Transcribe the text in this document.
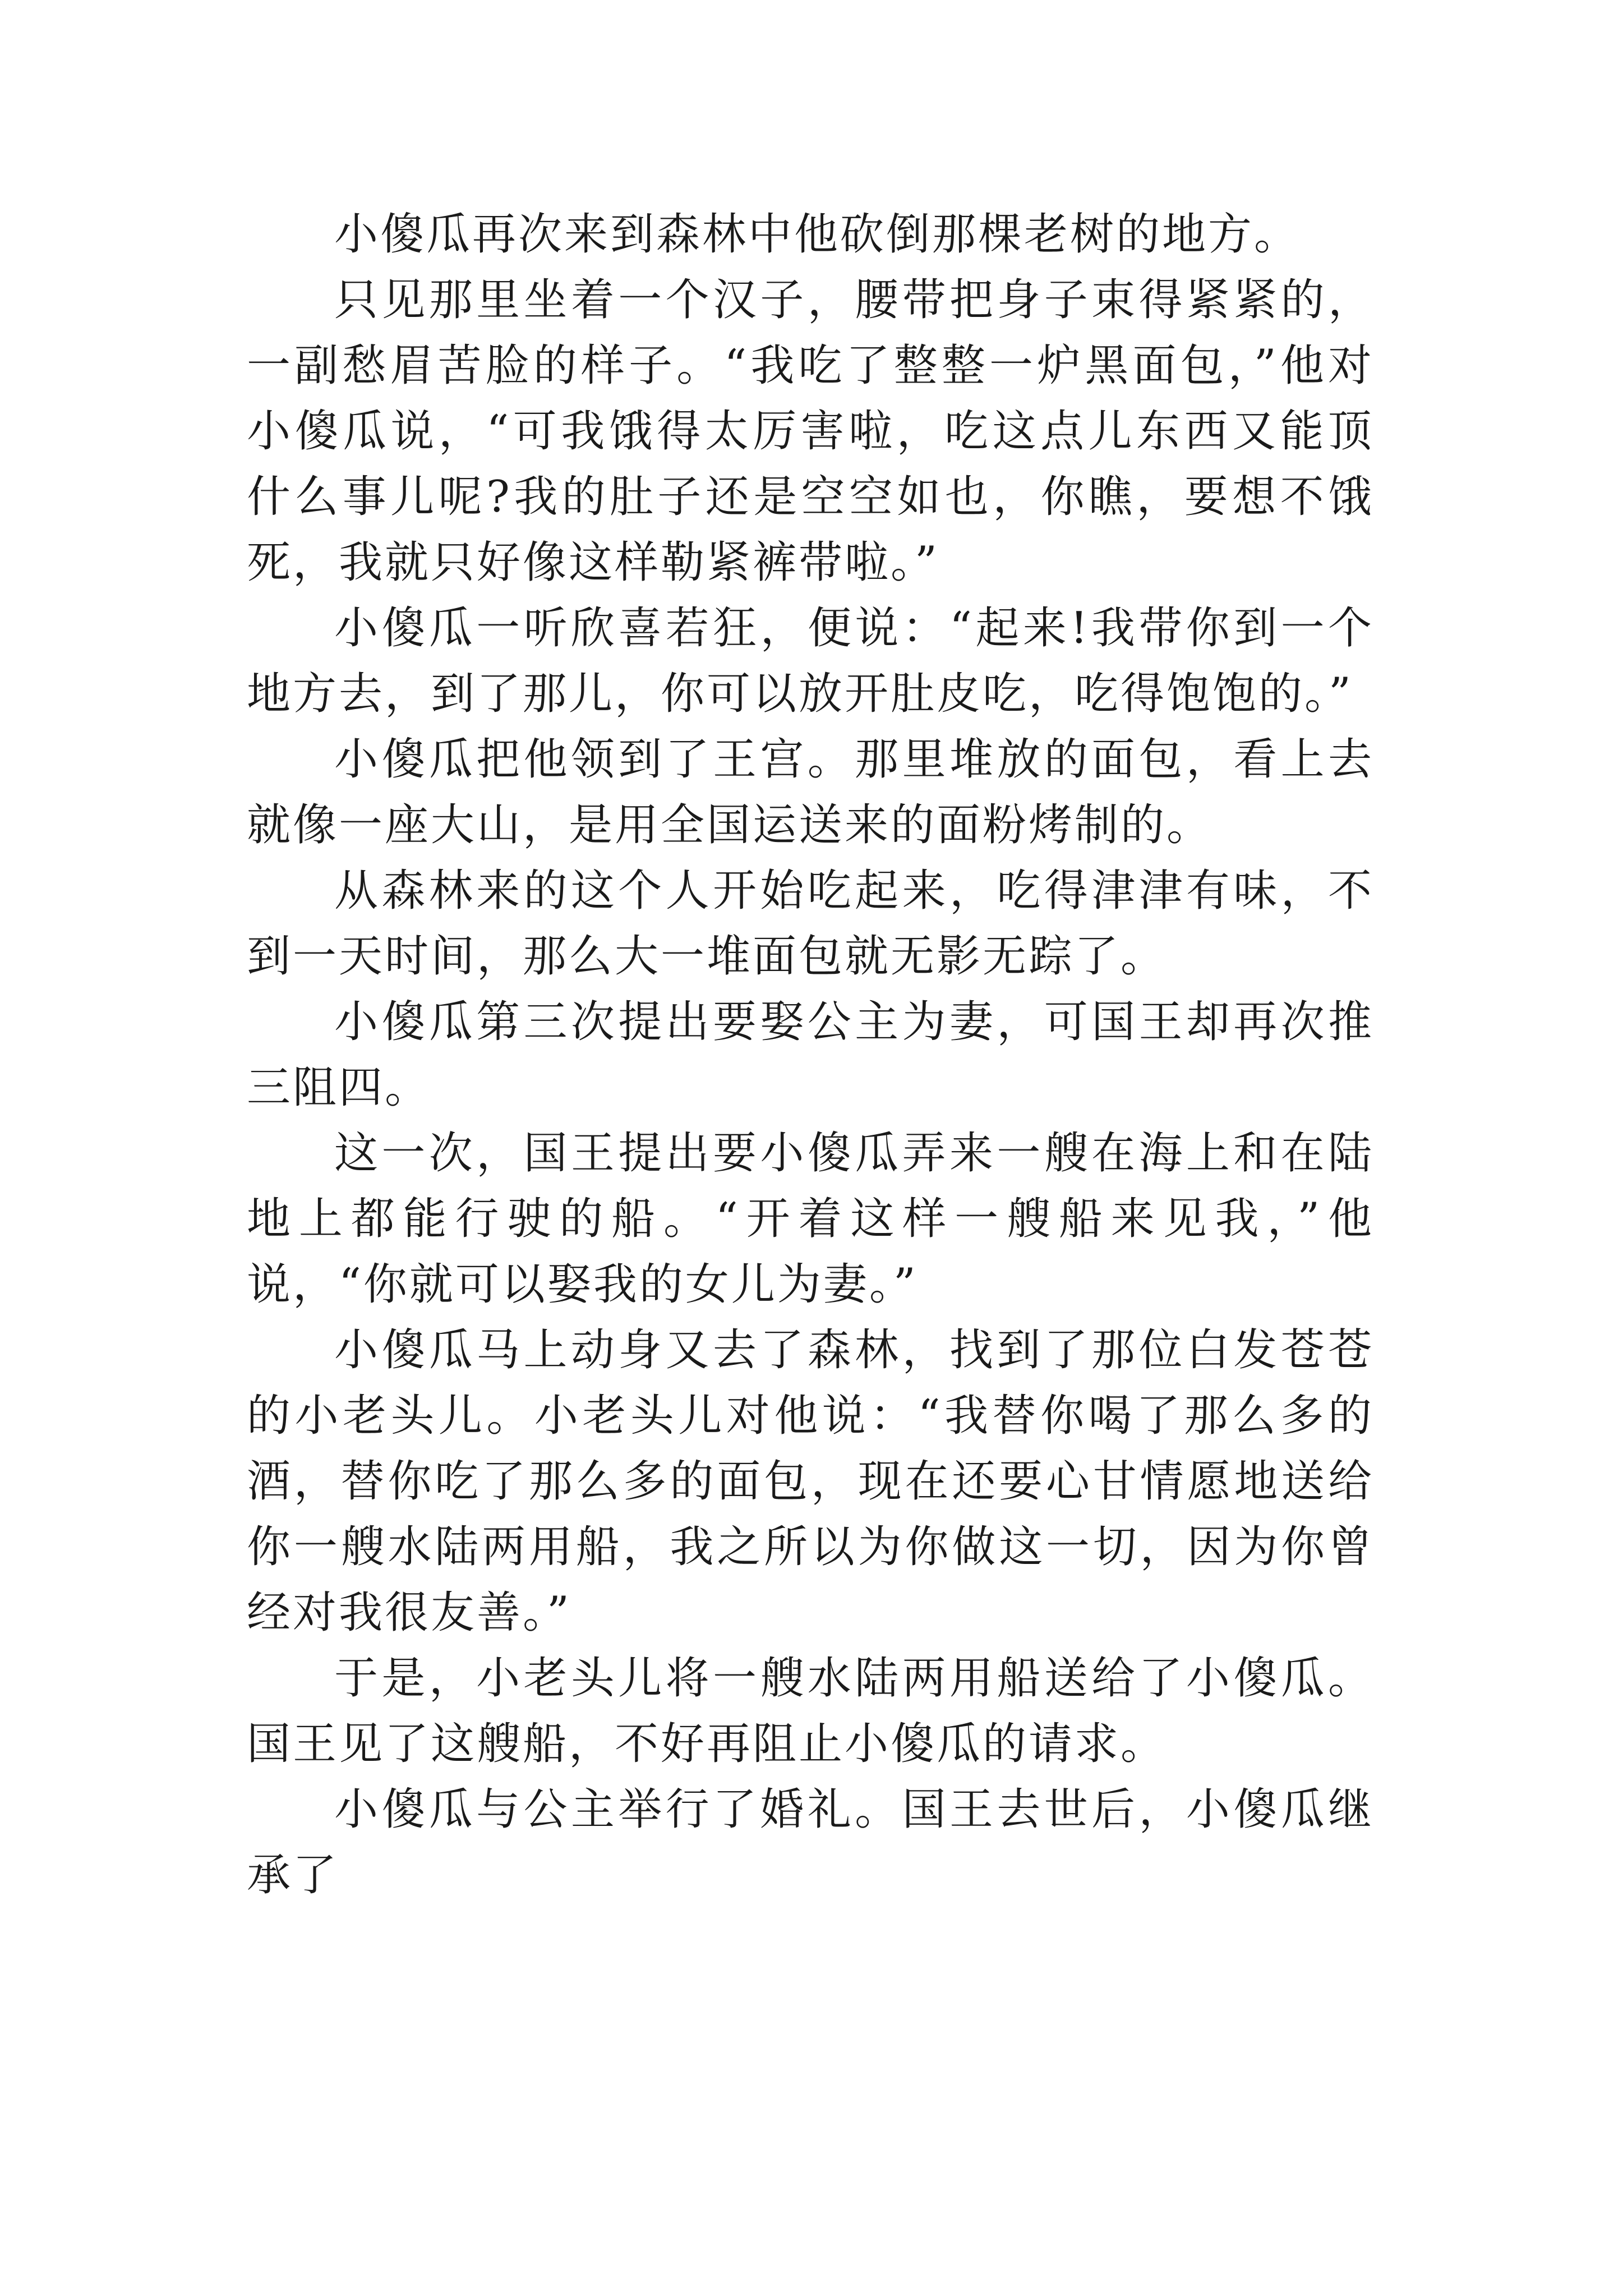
小傻瓜再次来到森林中他砍倒那棵老树的地方。

只见那里坐着一个汉子，腰带把身子束得紧紧的，一副愁眉苦脸的样子。“我吃了整整一炉黑面包，”他对小傻瓜说，“可我饿得太厉害啦，吃这点儿东西又能顶什么事儿呢?我的肚子还是空空如也，你瞧，要想不饿死，我就只好像这样勒紧裤带啦。”

小傻瓜一听欣喜若狂，便说：“起来!我带你到一个地方去，到了那儿，你可以放开肚皮吃，吃得饱饱的。”

小傻瓜把他领到了王宫。那里堆放的面包，看上去就像一座大山，是用全国运送来的面粉烤制的。

从森林来的这个人开始吃起来，吃得津津有味，不到一天时间，那么大一堆面包就无影无踪了。

小傻瓜第三次提出要娶公主为妻，可国王却再次推三阻四。

这一次，国王提出要小傻瓜弄来一艘在海上和在陆地上都能行驶的船。“开着这样一艘船来见我，”他说，“你就可以娶我的女儿为妻。”

小傻瓜马上动身又去了森林，找到了那位白发苍苍的小老头儿。小老头儿对他说：“我替你喝了那么多的酒，替你吃了那么多的面包，现在还要心甘情愿地送给你一艘水陆两用船，我之所以为你做这一切，因为你曾经对我很友善。”

于是，小老头儿将一艘水陆两用船送给了小傻瓜。国王见了这艘船，不好再阻止小傻瓜的请求。

小傻瓜与公主举行了婚礼。国王去世后，小傻瓜继承了
